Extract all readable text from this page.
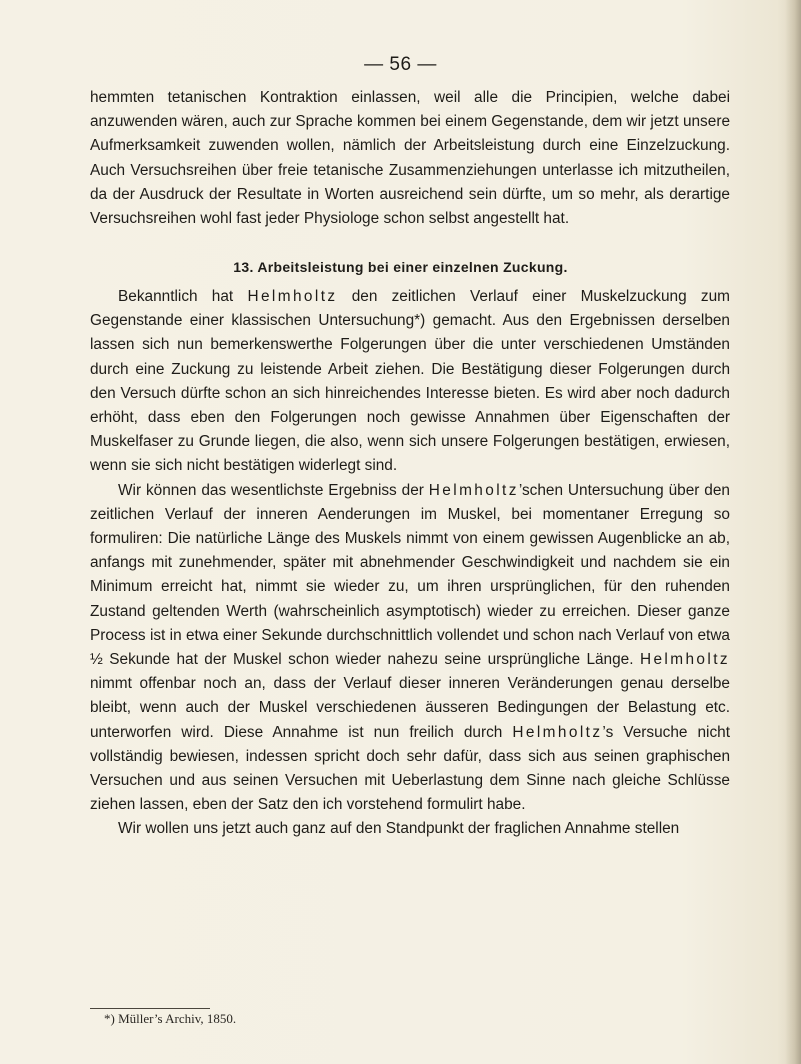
— 56 —

hemmten tetanischen Kontraktion einlassen, weil alle die Principien, welche dabei anzuwenden wären, auch zur Sprache kommen bei einem Gegenstande, dem wir jetzt unsere Aufmerksamkeit zuwenden wollen, nämlich der Arbeitsleistung durch eine Einzelzuckung. Auch Versuchsreihen über freie tetanische Zusammenziehungen unterlasse ich mitzutheilen, da der Ausdruck der Resultate in Worten ausreichend sein dürfte, um so mehr, als derartige Versuchsreihen wohl fast jeder Physiologe schon selbst angestellt hat.

13. Arbeitsleistung bei einer einzelnen Zuckung.

Bekanntlich hat Helmholtz den zeitlichen Verlauf einer Muskelzuckung zum Gegenstande einer klassischen Untersuchung*) gemacht. Aus den Ergebnissen derselben lassen sich nun bemerkenswerthe Folgerungen über die unter verschiedenen Umständen durch eine Zuckung zu leistende Arbeit ziehen. Die Bestätigung dieser Folgerungen durch den Versuch dürfte schon an sich hinreichendes Interesse bieten. Es wird aber noch dadurch erhöht, dass eben den Folgerungen noch gewisse Annahmen über Eigenschaften der Muskelfaser zu Grunde liegen, die also, wenn sich unsere Folgerungen bestätigen, erwiesen, wenn sie sich nicht bestätigen widerlegt sind.

Wir können das wesentlichste Ergebniss der Helmholtz’schen Untersuchung über den zeitlichen Verlauf der inneren Aenderungen im Muskel, bei momentaner Erregung so formuliren: Die natürliche Länge des Muskels nimmt von einem gewissen Augenblicke an ab, anfangs mit zunehmender, später mit abnehmender Geschwindigkeit und nachdem sie ein Minimum erreicht hat, nimmt sie wieder zu, um ihren ursprünglichen, für den ruhenden Zustand geltenden Werth (wahrscheinlich asymptotisch) wieder zu erreichen. Dieser ganze Process ist in etwa einer Sekunde durchschnittlich vollendet und schon nach Verlauf von etwa ½ Sekunde hat der Muskel schon wieder nahezu seine ursprüngliche Länge. Helmholtz nimmt offenbar noch an, dass der Verlauf dieser inneren Veränderungen genau derselbe bleibt, wenn auch der Muskel verschiedenen äusseren Bedingungen der Belastung etc. unterworfen wird. Diese Annahme ist nun freilich durch Helmholtz’s Versuche nicht vollständig bewiesen, indessen spricht doch sehr dafür, dass sich aus seinen graphischen Versuchen und aus seinen Versuchen mit Ueberlastung dem Sinne nach gleiche Schlüsse ziehen lassen, eben der Satz den ich vorstehend formulirt habe.

Wir wollen uns jetzt auch ganz auf den Standpunkt der fraglichen Annahme stellen

*) Müller’s Archiv, 1850.
